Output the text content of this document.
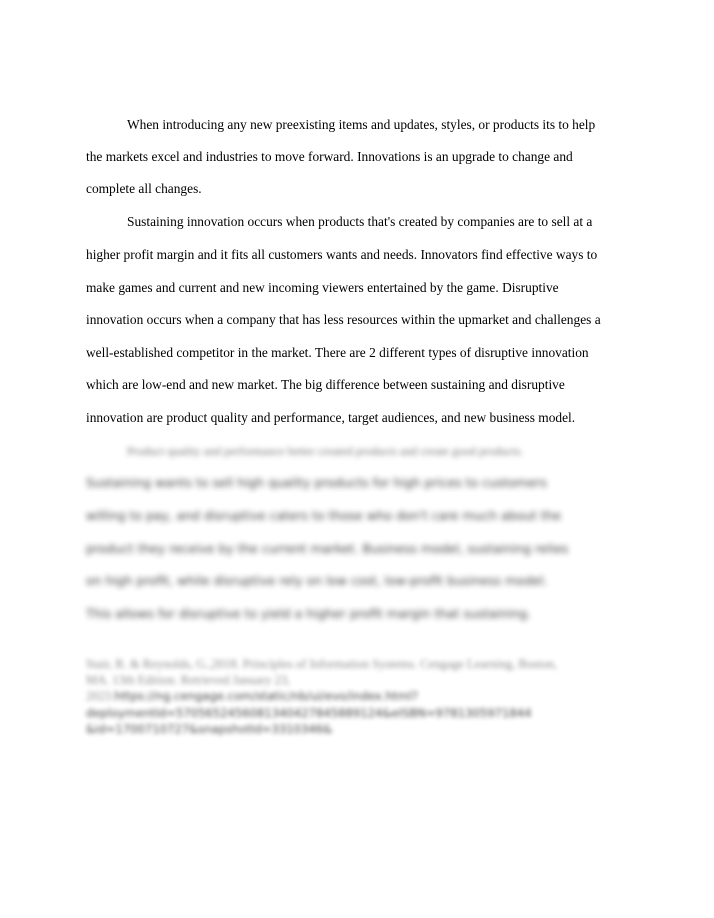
When introducing any new preexisting items and updates, styles, or products its to help
the markets excel and industries to move forward. Innovations is an upgrade to change and
complete all changes.
Sustaining innovation occurs when products that's created by companies are to sell at a
higher profit margin and it fits all customers wants and needs. Innovators find effective ways to
make games and current and new incoming viewers entertained by the game. Disruptive
innovation occurs when a company that has less resources within the upmarket and challenges a
well-established competitor in the market. There are 2 different types of disruptive innovation
which are low-end and new market. The big difference between sustaining and disruptive
innovation are product quality and performance, target audiences, and new business model.
Product quality and performance better created products and create good products.
Sustaining wants to sell high quality products for high prices to customers
willing to pay, and disruptive caters to those who don't care much about the
product they receive by the current market. Business model, sustaining relies
on high profit, while disruptive rely on low cost, low-profit business model.
This allows for disruptive to yield a higher profit margin that sustaining.
Stair, R. & Reynolds, G.,2018. Principles of Information Systems. Cengage Learning, Boston,
MA. 13th Edition. Retrieved January 23,
2023. https://ng.cengage.com/static/nb/ui/evo/index.html?
deploymentId=5705652456081340427845889124&eISBN=9781305971844
&id=1700710727&snapshotId=3310346&
